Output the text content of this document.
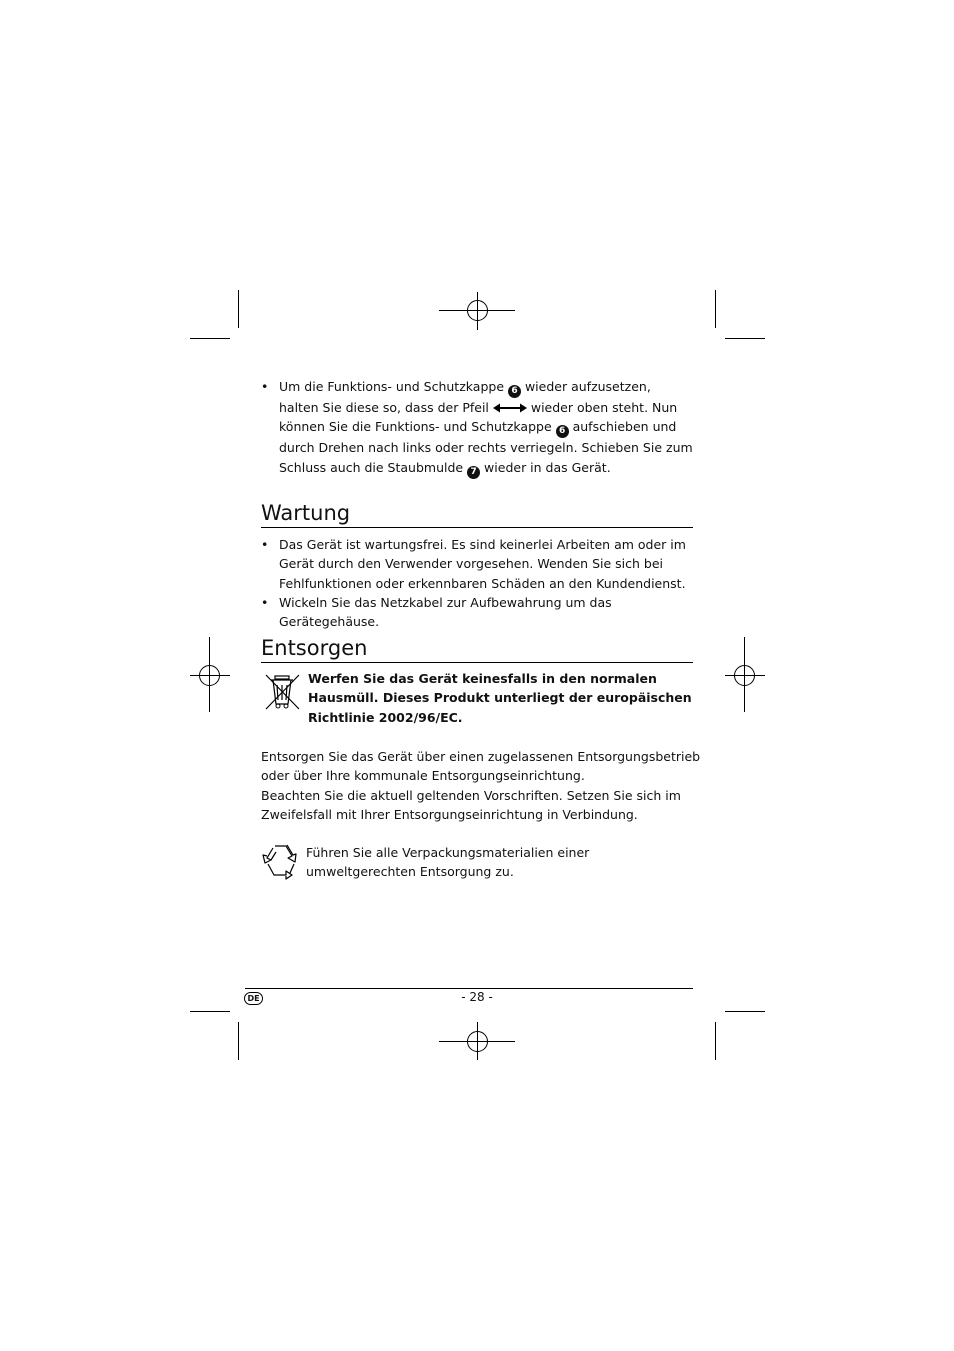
• Um die Funktions- und Schutzkappe 6 wieder aufzusetzen, halten Sie diese so, dass der Pfeil	wieder oben steht. Nun können Sie die Funktions- und Schutzkappe 6 aufschieben und durch Drehen nach links oder rechts verriegeln. Schieben Sie zum Schluss auch die Staubmulde 7 wieder in das Gerät.
Wartung
• Das Gerät ist wartungsfrei. Es sind keinerlei Arbeiten am oder im Gerät durch den Verwender vorgesehen. Wenden Sie sich bei Fehlfunktionen oder erkennbaren Schäden an den Kundendienst.
• Wickeln Sie das Netzkabel zur Aufbewahrung um das Gerätegehäuse.
Entsorgen
Werfen Sie das Gerät keinesfalls in den normalen Hausmüll. Dieses Produkt unterliegt der europäischen Richtlinie 2002/96/EC.
Entsorgen Sie das Gerät über einen zugelassenen Entsorgungsbetrieb oder über Ihre kommunale Entsorgungseinrichtung.
Beachten Sie die aktuell geltenden Vorschriften. Setzen Sie sich im Zweifelsfall mit Ihrer Entsorgungseinrichtung in Verbindung.
Führen Sie alle Verpackungsmaterialien einer umweltgerechten Entsorgung zu.
DE	- 28 -
